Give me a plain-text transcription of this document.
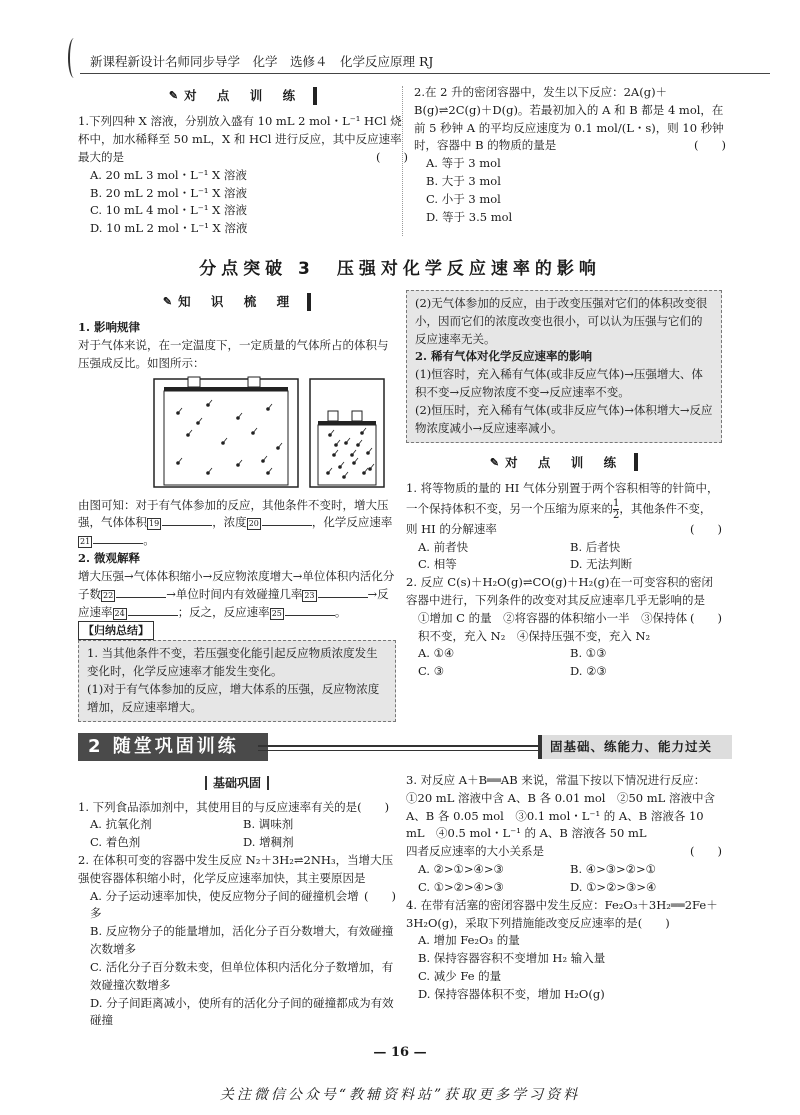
新课程新设计名师同步导学　化学　选修４　化学反应原理 RJ
✎ 对 点 训 练

1.下列四种 X 溶液，分别放入盛有 10 mL 2 mol・L⁻¹ HCl 烧杯中，加水稀释至 50 mL，X 和 HCl 进行反应，其中反应速率最大的是	(　　)

A. 20 mL 3 mol・L⁻¹ X 溶液

B. 20 mL 2 mol・L⁻¹ X 溶液

C. 10 mL 4 mol・L⁻¹ X 溶液

D. 10 mL 2 mol・L⁻¹ X 溶液

2.在 2 升的密闭容器中，发生以下反应：2A(g)＋B(g)⇌2C(g)＋D(g)。若最初加入的 A 和 B 都是 4 mol，在前 5 秒钟 A 的平均反应速度为 0.1 mol/(L・s)，则 10 秒钟时，容器中 B 的物质的量是	(　　)

A. 等于 3 mol

B. 大于 3 mol

C. 小于 3 mol

D. 等于 3.5 mol

分点突破 3　压强对化学反应速率的影响
✎ 知 识 梳 理

1. 影响规律

对于气体来说，在一定温度下，一定质量的气体所占的体积与压强成反比。如图所示：

由图可知：对于有气体参加的反应，其他条件不变时，增大压强，气体体积 19	，浓度 20	，化学反应速率21	。

2. 微观解释

增大压强→气体体积缩小→反应物浓度增大→单位体积内活化分子数 22	→单位时间内有效碰撞几率 23	→反应速率 24	；反之，反应速率 25	。

【归纳总结】

1. 当其他条件不变，若压强变化能引起反应物质浓度发生变化时，化学反应速率才能发生变化。

(1)对于有气体参加的反应，增大体系的压强，反应物浓度增加，反应速率增大。

(2)无气体参加的反应，由于改变压强对它们的体积改变很小，因而它们的浓度改变也很小，可以认为压强与它们的反应速率无关。

2. 稀有气体对化学反应速率的影响

(1)恒容时，充入稀有气体(或非反应气体)→压强增大、体积不变→反应物浓度不变→反应速率不变。

(2)恒压时，充入稀有气体(或非反应气体)→体积增大→反应物浓度减小→反应速率减小。

✎ 对 点 训 练

1. 将等物质的量的 HI 气体分别置于两个容积相等的针筒中，一个保持体积不变，另一个压缩为原来的 $\frac{1}{2}$ ，其他条件不变，则 HI 的分解速率	(　　)

A. 前者快	B. 后者快
C. 相等	D. 无法判断

2. 反应 C(s)＋H₂O(g)⇌CO(g)＋H₂(g)在一可变容积的密闭容器中进行，下列条件的改变对其反应速率几乎无影响的是
(　　)

①增加 C 的量　②将容器的体积缩小一半　③保持体积不变，充入 N₂　④保持压强不变，充入 N₂

A. ①④	B. ①③
C. ③	D. ②③
2 随堂巩固训练	固基础、练能力、能力过关
基础巩固

1. 下列食品添加剂中，其使用目的与反应速率有关的是(　　)

A. 抗氧化剂	B. 调味剂
C. 着色剂	D. 增稠剂

2. 在体积可变的容器中发生反应 N₂＋3H₂⇌2NH₃，当增大压强使容器体积缩小时，化学反应速率加快，其主要原因是
(　　)

A. 分子运动速率加快，使反应物分子间的碰撞机会增多

B. 反应物分子的能量增加，活化分子百分数增大，有效碰撞次数增多

C. 活化分子百分数未变，但单位体积内活化分子数增加，有效碰撞次数增多

D. 分子间距离减小，使所有的活化分子间的碰撞都成为有效碰撞

3. 对反应 A＋B══AB 来说，常温下按以下情况进行反应：①20 mL 溶液中含 A、B 各 0.01 mol　②50 mL 溶液中含 A、B 各 0.05 mol　③0.1 mol・L⁻¹ 的 A、B 溶液各 10 mL　④0.5 mol・L⁻¹ 的 A、B 溶液各 50 mL

四者反应速率的大小关系是	(　　)

A. ②>①>④>③	B. ④>③>②>①
C. ①>②>④>③	D. ①>②>③>④

4. 在带有活塞的密闭容器中发生反应：Fe₂O₃＋3H₂══2Fe＋3H₂O(g)，采取下列措施能改变反应速率的是(　　)

A. 增加 Fe₂O₃ 的量

B. 保持容器容积不变增加 H₂ 输入量

C. 减少 Fe 的量

D. 保持容器体积不变，增加 H₂O(g)

— 16 —
关注微信公众号“教辅资料站”获取更多学习资料
